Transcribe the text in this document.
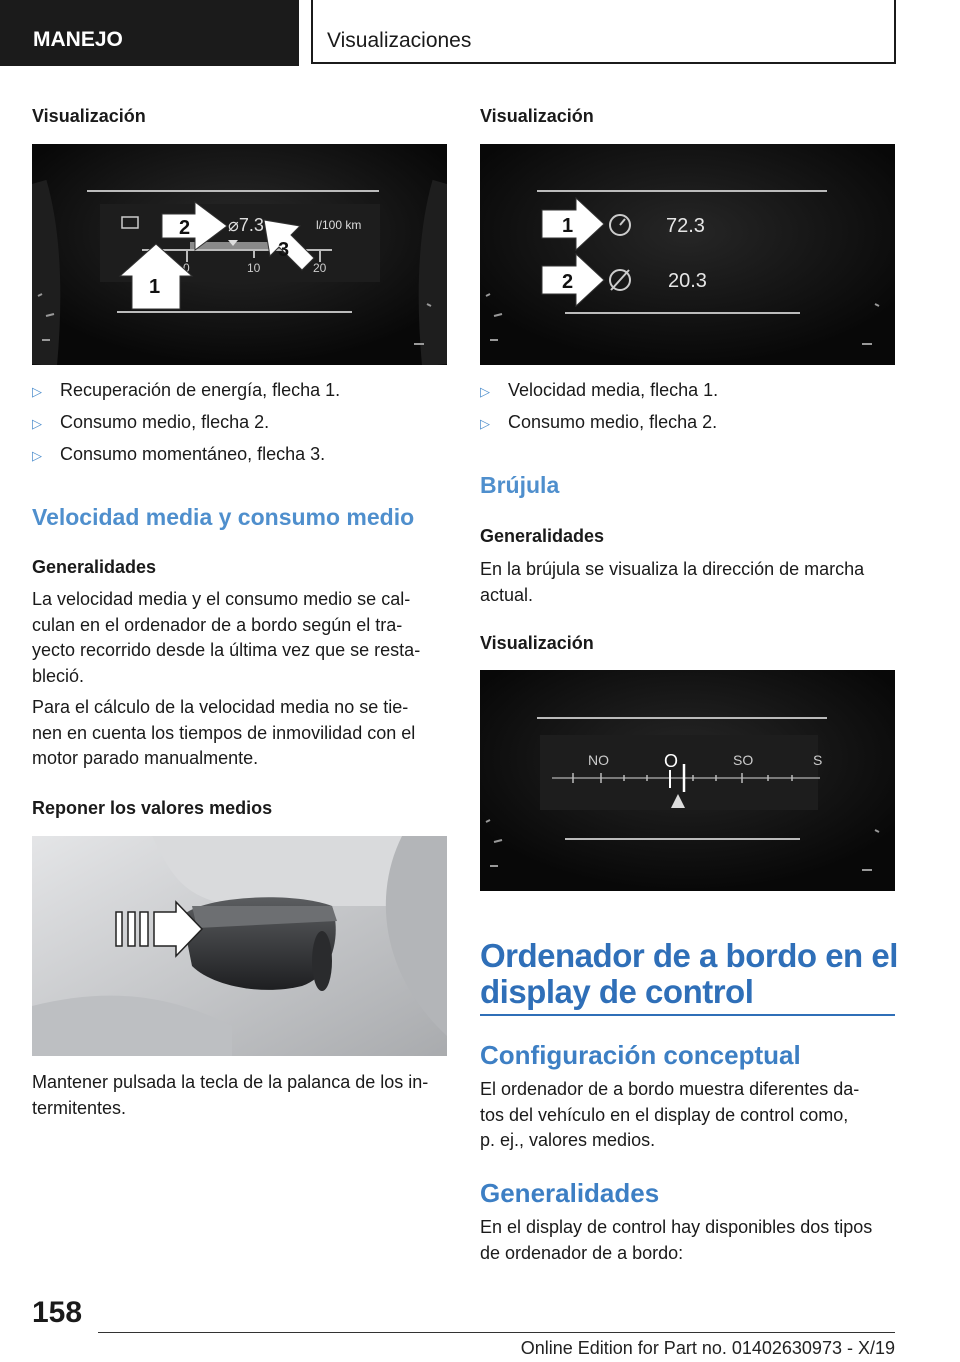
MANEJO	Visualizaciones

Visualización

⌀7.3	l/100 km
0	10	20
1
2
3
▷ Recuperación de energía, flecha 1.
▷ Consumo medio, flecha 2.
▷ Consumo momentáneo, flecha 3.

Velocidad media y consumo medio

Generalidades

La velocidad media y el consumo medio se cal-
culan en el ordenador de a bordo según el tra-
yecto recorrido desde la última vez que se resta-
bleció.
Para el cálculo de la velocidad media no se tie-
nen en cuenta los tiempos de inmovilidad con el
motor parado manualmente.

Reponer los valores medios

Mantener pulsada la tecla de la palanca de los in-
termitentes.

Visualización

72.3
20.3
1
2
▷ Velocidad media, flecha 1.
▷ Consumo medio, flecha 2.

Brújula

Generalidades

En la brújula se visualiza la dirección de marcha
actual.

Visualización

NO	O	SO	S
Ordenador de a bordo en el
display de control

Configuración conceptual

El ordenador de a bordo muestra diferentes da-
tos del vehículo en el display de control como,
p. ej., valores medios.

Generalidades

En el display de control hay disponibles dos tipos
de ordenador de a bordo:
158
Online Edition for Part no. 01402630973 - X/19
